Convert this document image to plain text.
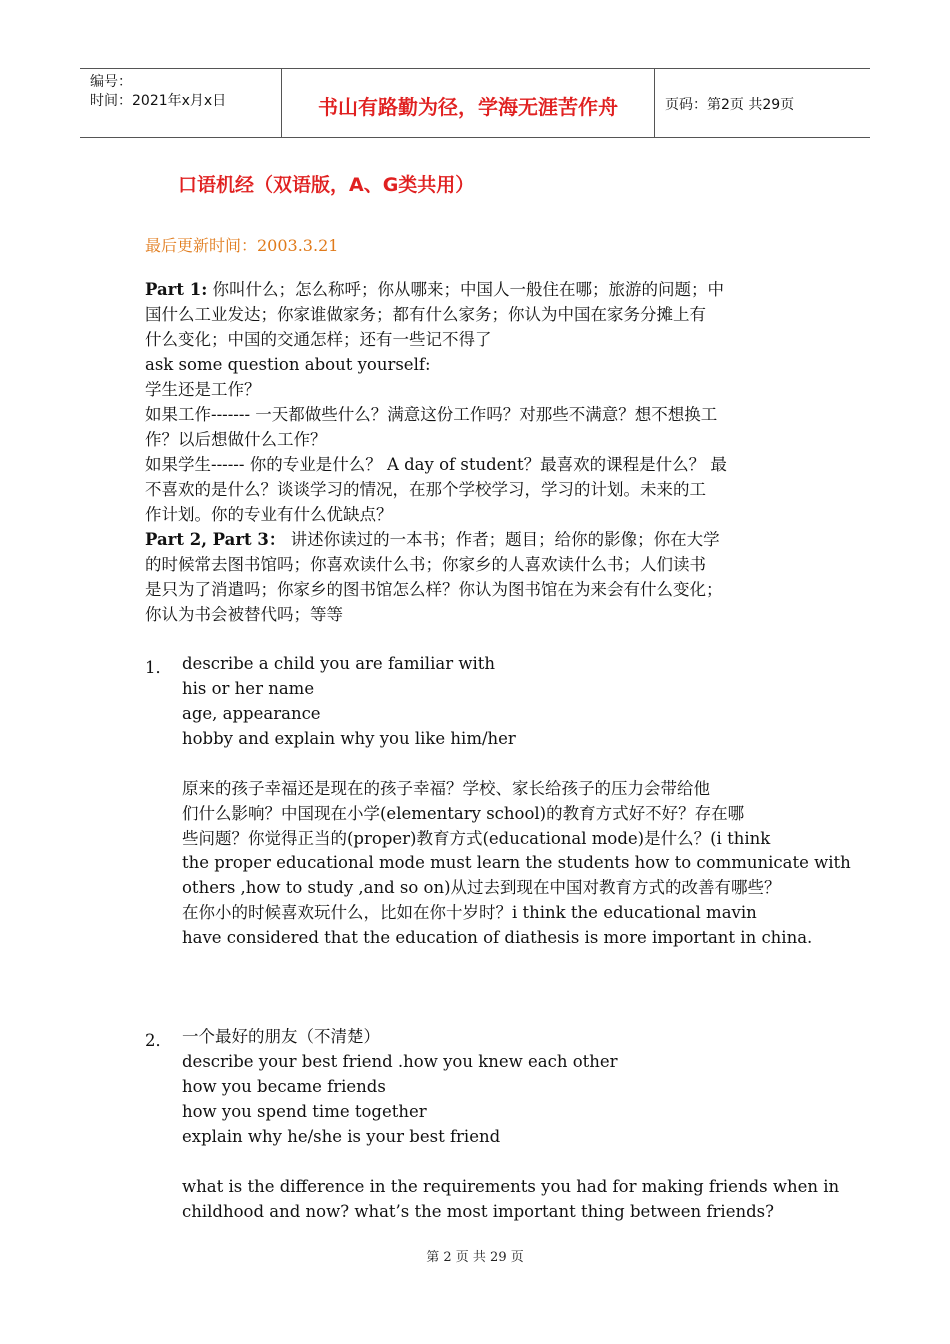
编号：
时间：2021年x月x日	书山有路勤为径，学海无涯苦作舟	页码：第2页 共29页
口语机经（双语版，A、G类共用）
最后更新时间：2003.3.21
Part 1: 你叫什么；怎么称呼；你从哪来；中国人一般住在哪；旅游的问题；中
国什么工业发达；你家谁做家务；都有什么家务；你认为中国在家务分摊上有
什么变化；中国的交通怎样；还有一些记不得了
ask some question about yourself:
学生还是工作？
如果工作------- 一天都做些什么？满意这份工作吗？对那些不满意？想不想换工
作？以后想做什么工作？
如果学生------ 你的专业是什么？ A day of student？最喜欢的课程是什么？ 最
不喜欢的是什么？谈谈学习的情况，在那个学校学习，学习的计划。未来的工
作计划。你的专业有什么优缺点？
Part 2, Part 3： 讲述你读过的一本书；作者；题目；给你的影像；你在大学
的时候常去图书馆吗；你喜欢读什么书；你家乡的人喜欢读什么书；人们读书
是只为了消遣吗；你家乡的图书馆怎么样？你认为图书馆在为来会有什么变化；
你认为书会被替代吗；等等
1． describe a child you are familiar with
his or her name
age, appearance
hobby and explain why you like him/her
原来的孩子幸福还是现在的孩子幸福？学校、家长给孩子的压力会带给他
们什么影响？中国现在小学(elementary school)的教育方式好不好？存在哪
些问题？你觉得正当的(proper)教育方式(educational mode)是什么？(i think
the proper educational mode must learn the students how to communicate with
others ,how to study ,and so on)从过去到现在中国对教育方式的改善有哪些？
在你小的时候喜欢玩什么，比如在你十岁时？i think the educational mavin
have considered that the education of diathesis is more important in china.
2． 一个最好的朋友（不清楚）
describe your best friend .how you knew each other
how you became friends
how you spend time together
explain why he/she is your best friend
what is the difference in the requirements you had for making friends when in
childhood and now? what’s the most important thing between friends?
第 2 页 共 29 页
